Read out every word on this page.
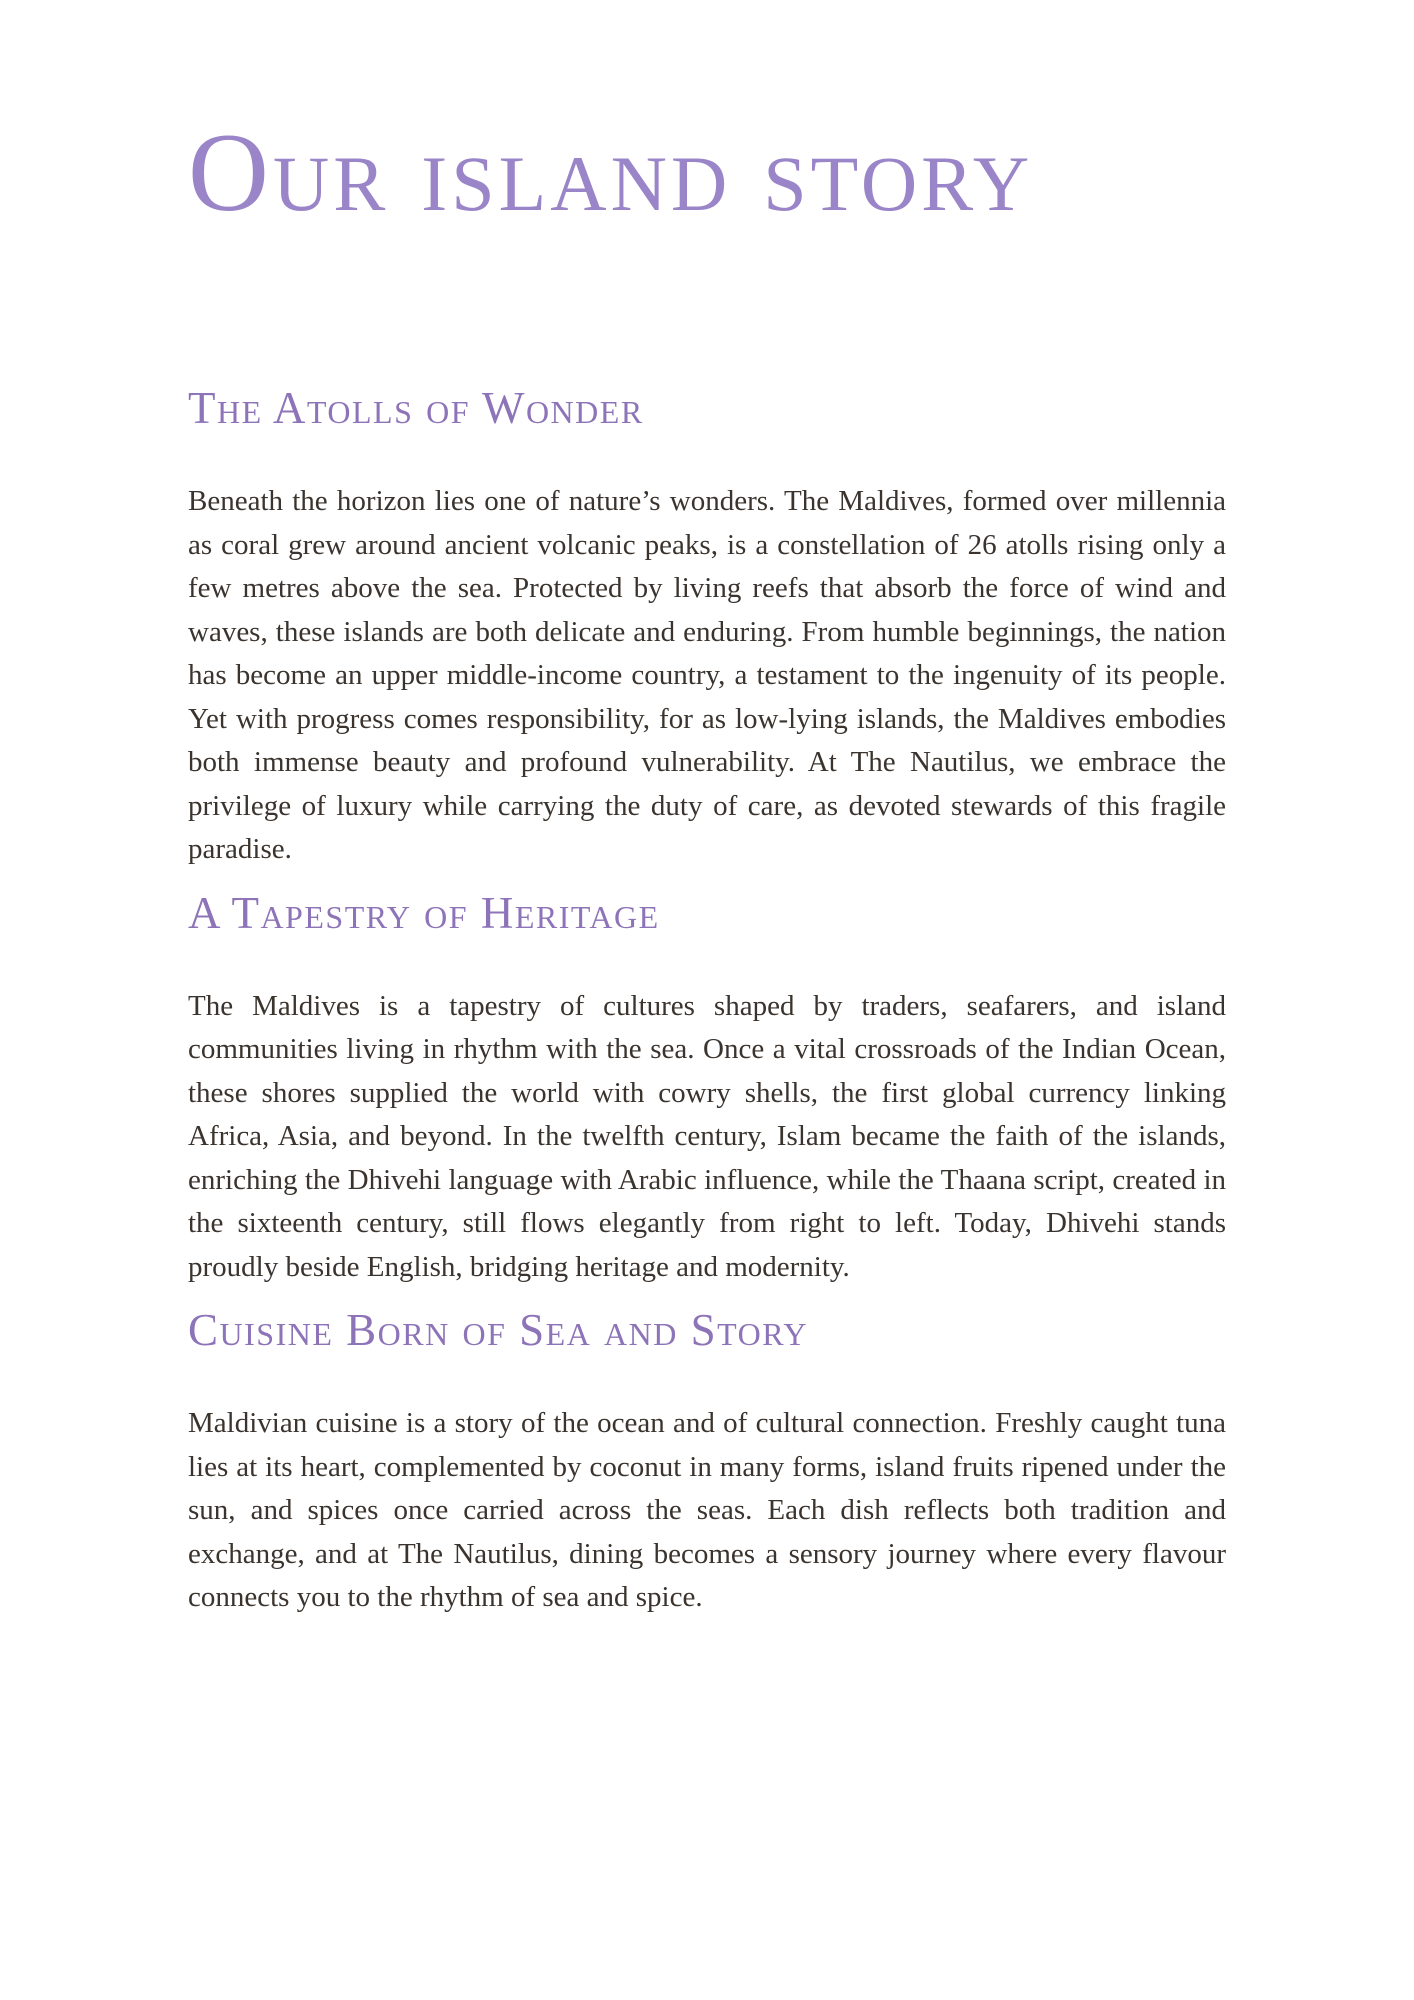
Our island story
The Atolls of Wonder

Beneath the horizon lies one of nature’s wonders. The Maldives, formed over millennia as coral grew around ancient volcanic peaks, is a constellation of 26 atolls rising only a few metres above the sea. Protected by living reefs that absorb the force of wind and waves, these islands are both delicate and enduring. From humble beginnings, the nation has become an upper middle-income country, a testament to the ingenuity of its people. Yet with progress comes responsibility, for as low-lying islands, the Maldives embodies both immense beauty and profound vulnerability. At The Nautilus, we embrace the privilege of luxury while carrying the duty of care, as devoted stewards of this fragile paradise.

A Tapestry of Heritage

The Maldives is a tapestry of cultures shaped by traders, seafarers, and island communities living in rhythm with the sea. Once a vital crossroads of the Indian Ocean, these shores supplied the world with cowry shells, the first global currency linking Africa, Asia, and beyond. In the twelfth century, Islam became the faith of the islands, enriching the Dhivehi language with Arabic influence, while the Thaana script, created in the sixteenth century, still flows elegantly from right to left. Today, Dhivehi stands proudly beside English, bridging heritage and modernity.

Cuisine Born of Sea and Story

Maldivian cuisine is a story of the ocean and of cultural connection. Freshly caught tuna lies at its heart, complemented by coconut in many forms, island fruits ripened under the sun, and spices once carried across the seas. Each dish reflects both tradition and exchange, and at The Nautilus, dining becomes a sensory journey where every flavour connects you to the rhythm of sea and spice.
